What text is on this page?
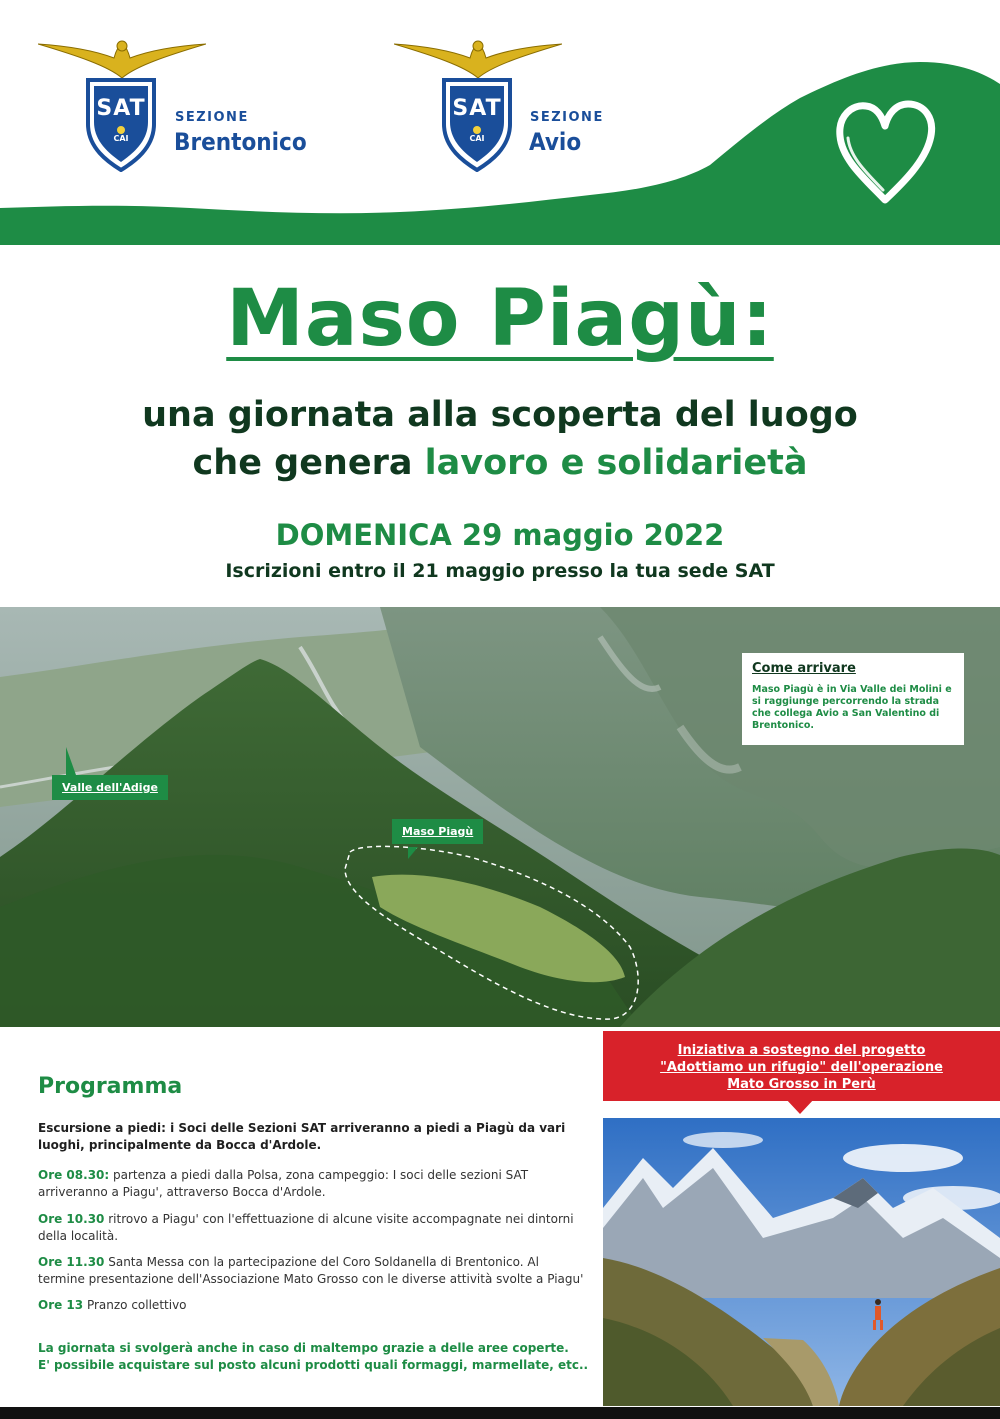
SAT
CAI
SEZIONE
Brentonico
SAT
CAI
SEZIONE
Avio
Maso Piagù:
una giornata alla scoperta del luogo
che genera lavoro e solidarietà
DOMENICA 29 maggio 2022
Iscrizioni entro il 21 maggio presso la tua sede SAT
Valle dell'Adige
Maso Piagù
Come arrivare
Maso Piagù è in Via Valle dei Molini e si raggiunge percorrendo la strada che collega Avio a San Valentino di Brentonico.
Programma
Escursione a piedi: i Soci delle Sezioni SAT arriveranno a piedi a Piagù da vari luoghi, principalmente da Bocca d'Ardole.
Ore 08.30: partenza a piedi dalla Polsa, zona campeggio: I soci delle sezioni SAT arriveranno a Piagu', attraverso Bocca d'Ardole.
Ore 10.30 ritrovo a Piagu' con l'effettuazione di alcune visite accompagnate nei dintorni della località.
Ore 11.30 Santa Messa con la partecipazione del Coro Soldanella di Brentonico. Al termine presentazione dell'Associazione Mato Grosso con le diverse attività svolte a Piagu'
Ore 13 Pranzo collettivo
La giornata si svolgerà anche in caso di maltempo grazie a delle aree coperte.
E' possibile acquistare sul posto alcuni prodotti quali formaggi, marmellate, etc..
Iniziativa a sostegno del progetto
"Adottiamo un rifugio" dell'operazione
Mato Grosso in Perù
